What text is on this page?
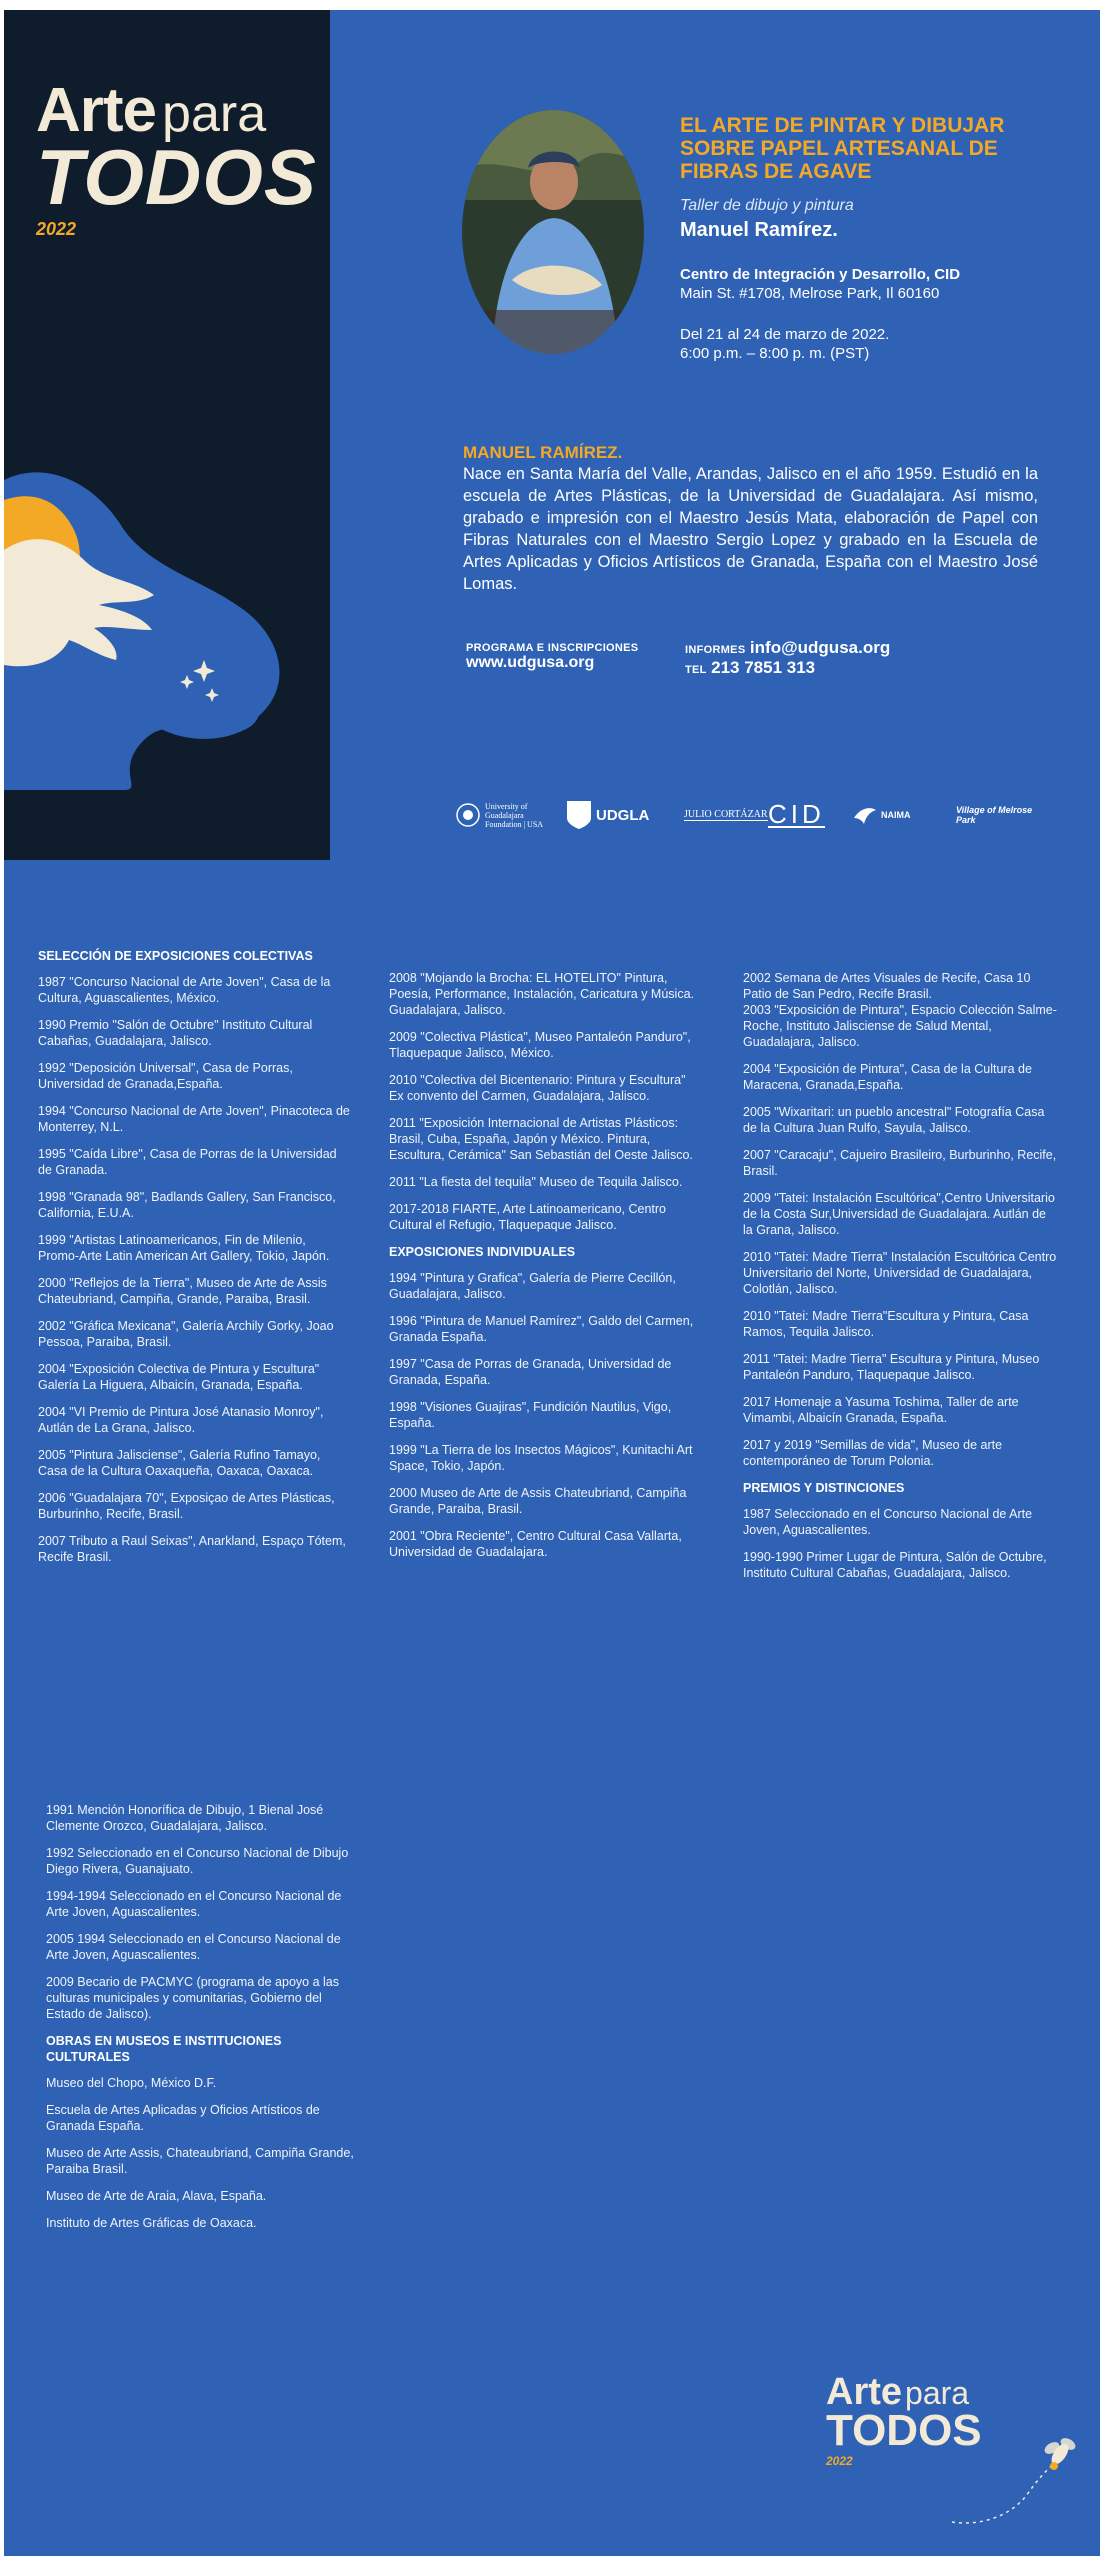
Arte para
TODOS
2022
EL ARTE DE PINTAR Y DIBUJAR SOBRE PAPEL ARTESANAL DE FIBRAS DE AGAVE
Taller de dibujo y pintura
Manuel Ramírez.
Centro de Integración y Desarrollo, CID
Main St. #1708, Melrose Park, Il 60160
Del 21 al 24 de marzo de 2022.
6:00 p.m. – 8:00 p. m. (PST)
MANUEL RAMÍREZ.
Nace en Santa María del Valle, Arandas, Jalisco en el año 1959. Estudió en la escuela de Artes Plásticas, de la Universidad de Guadalajara. Así mismo, grabado e impresión con el Maestro Jesús Mata, elaboración de Papel con Fibras Naturales con el Maestro Sergio Lopez y grabado en la Escuela de Artes Aplicadas y Oficios Artísticos de Granada, España con el Maestro José Lomas.
PROGRAMA E INSCRIPCIONES
www.udgusa.org
INFORMES info@udgusa.org
TEL 213 7851 313
University of Guadalajara Foundation | USA
UDGLA	JULIO CORTÁZAR CID	NAIMA	Village of Melrose Park
SELECCIÓN DE EXPOSICIONES COLECTIVAS
1987 "Concurso Nacional de Arte Joven", Casa de la Cultura, Aguascalientes, México.
1990 Premio "Salón de Octubre" Instituto Cultural Cabañas, Guadalajara, Jalisco.
1992 "Deposición Universal", Casa de Porras, Universidad de Granada,España.
1994 "Concurso Nacional de Arte Joven", Pinacoteca de Monterrey, N.L.
1995 "Caída Libre", Casa de Porras de la Universidad de Granada.
1998 "Granada 98", Badlands Gallery, San Francisco, California, E.U.A.
1999 "Artistas Latinoamericanos, Fin de Milenio, Promo-Arte Latin American Art Gallery, Tokio, Japón.
2000 "Reflejos de la Tierra", Museo de Arte de Assis Chateubriand, Campiña, Grande, Paraiba, Brasil.
2002 "Gráfica Mexicana", Galería Archily Gorky, Joao Pessoa, Paraiba, Brasil.
2004 "Exposición Colectiva de Pintura y Escultura" Galería La Higuera, Albaicín, Granada, España.
2004 "VI Premio de Pintura José Atanasio Monroy", Autlán de La Grana, Jalisco.
2005 "Pintura Jalisciense", Galería Rufino Tamayo, Casa de la Cultura Oaxaqueña, Oaxaca, Oaxaca.
2006 "Guadalajara 70", Exposiçao de Artes Plásticas, Burburinho, Recife, Brasil.
2007 Tributo a Raul Seixas", Anarkland, Espaço Tótem, Recife Brasil.
2008 "Mojando la Brocha: EL HOTELITO" Pintura, Poesía, Performance, Instalación, Caricatura y Música. Guadalajara, Jalisco.
2009 "Colectiva Plástica", Museo Pantaleón Panduro", Tlaquepaque Jalisco, México.
2010 "Colectiva del Bicentenario: Pintura y Escultura" Ex convento del Carmen, Guadalajara, Jalisco.
2011 "Exposición Internacional de Artistas Plásticos: Brasil, Cuba, España, Japón y México. Pintura, Escultura, Cerámica" San Sebastián del Oeste Jalisco.
2011 "La fiesta del tequila" Museo de Tequila Jalisco.
2017-2018 FIARTE, Arte Latinoamericano, Centro Cultural el Refugio, Tlaquepaque Jalisco.
EXPOSICIONES INDIVIDUALES
1994 "Pintura y Grafica", Galería de Pierre Cecillón, Guadalajara, Jalisco.
1996 "Pintura de Manuel Ramírez", Galdo del Carmen, Granada España.
1997 "Casa de Porras de Granada, Universidad de Granada, España.
1998 "Visiones Guajiras", Fundición Nautilus, Vigo, España.
1999 "La Tierra de los Insectos Mágicos", Kunitachi Art Space, Tokio, Japón.
2000 Museo de Arte de Assis Chateubriand, Campiña Grande, Paraiba, Brasil.
2001 "Obra Reciente", Centro Cultural Casa Vallarta, Universidad de Guadalajara.
2002 Semana de Artes Visuales de Recife, Casa 10 Patio de San Pedro, Recife Brasil.
2003 "Exposición de Pintura", Espacio Colección Salme-Roche, Instituto Jalisciense de Salud Mental, Guadalajara, Jalisco.
2004 "Exposición de Pintura", Casa de la Cultura de Maracena, Granada,España.
2005 "Wixaritari: un pueblo ancestral" Fotografía Casa de la Cultura Juan Rulfo, Sayula, Jalisco.
2007 "Caracaju", Cajueiro Brasileiro, Burburinho, Recife, Brasil.
2009 "Tatei: Instalación Escultórica",Centro Universitario de la Costa Sur,Universidad de Guadalajara. Autlán de la Grana, Jalisco.
2010 "Tatei: Madre Tierra" Instalación Escultórica Centro Universitario del Norte, Universidad de Guadalajara, Colotlán, Jalisco.
2010 "Tatei: Madre Tierra"Escultura y Pintura, Casa Ramos, Tequila Jalisco.
2011 "Tatei: Madre Tierra" Escultura y Pintura, Museo Pantaleón Panduro, Tlaquepaque Jalisco.
2017 Homenaje a Yasuma Toshima, Taller de arte Vimambi, Albaicín Granada, España.
2017 y 2019 "Semillas de vida", Museo de arte contemporáneo de Torum Polonia.
PREMIOS Y DISTINCIONES
1987 Seleccionado en el Concurso Nacional de Arte Joven, Aguascalientes.
1990-1990 Primer Lugar de Pintura, Salón de Octubre, Instituto Cultural Cabañas, Guadalajara, Jalisco.
1991 Mención Honorífica de Dibujo, 1 Bienal José Clemente Orozco, Guadalajara, Jalisco.
1992 Seleccionado en el Concurso Nacional de Dibujo Diego Rivera, Guanajuato.
1994-1994 Seleccionado en el Concurso Nacional de Arte Joven, Aguascalientes.
2005 1994 Seleccionado en el Concurso Nacional de Arte Joven, Aguascalientes.
2009 Becario de PACMYC (programa de apoyo a las culturas municipales y comunitarias, Gobierno del Estado de Jalisco).
OBRAS EN MUSEOS E INSTITUCIONES CULTURALES
Museo del Chopo, México D.F.
Escuela de Artes Aplicadas y Oficios Artísticos de Granada España.
Museo de Arte Assis, Chateaubriand, Campiña Grande, Paraiba Brasil.
Museo de Arte de Araia, Alava, España.
Instituto de Artes Gráficas de Oaxaca.
Artepara
TODOS
2022
